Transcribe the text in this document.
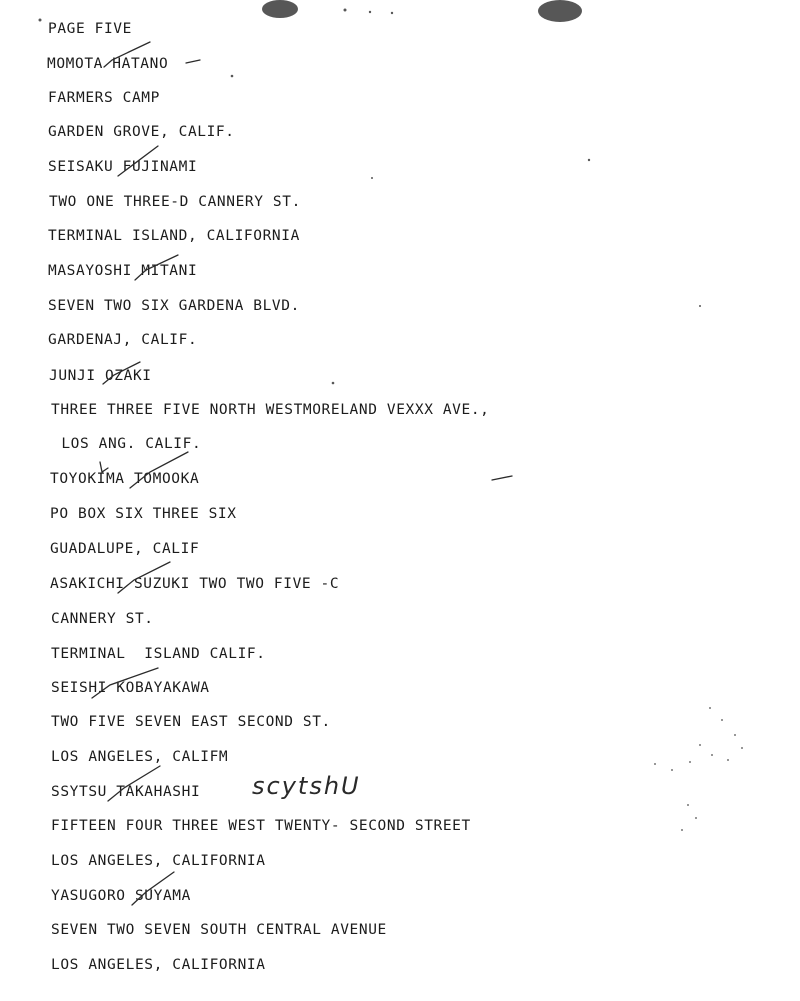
PAGE FIVE
MOMOTA HATANO
FARMERS CAMP
GARDEN GROVE, CALIF.
SEISAKU FUJINAMI
TWO ONE THREE-D CANNERY ST.
TERMINAL ISLAND, CALIFORNIA
MASAYOSHI MITANI
SEVEN TWO SIX GARDENA BLVD.
GARDENAJ, CALIF.
JUNJI OZAKI
THREE THREE FIVE NORTH WESTMORELAND VEXXX AVE.,
LOS ANG. CALIF.
TOYOKIMA TOMOOKA
PO BOX SIX THREE SIX
GUADALUPE, CALIF
ASAKICHI SUZUKI TWO TWO FIVE -C
CANNERY ST.
TERMINAL  ISLAND CALIF.
SEISHI KOBAYAKAWA
TWO FIVE SEVEN EAST SECOND ST.
LOS ANGELES, CALIFM
SSYTSU TAKAHASHI
FIFTEEN FOUR THREE WEST TWENTY- SECOND STREET
LOS ANGELES, CALIFORNIA
YASUGORO SUYAMA
SEVEN TWO SEVEN SOUTH CENTRAL AVENUE
LOS ANGELES, CALIFORNIA
scytshU
